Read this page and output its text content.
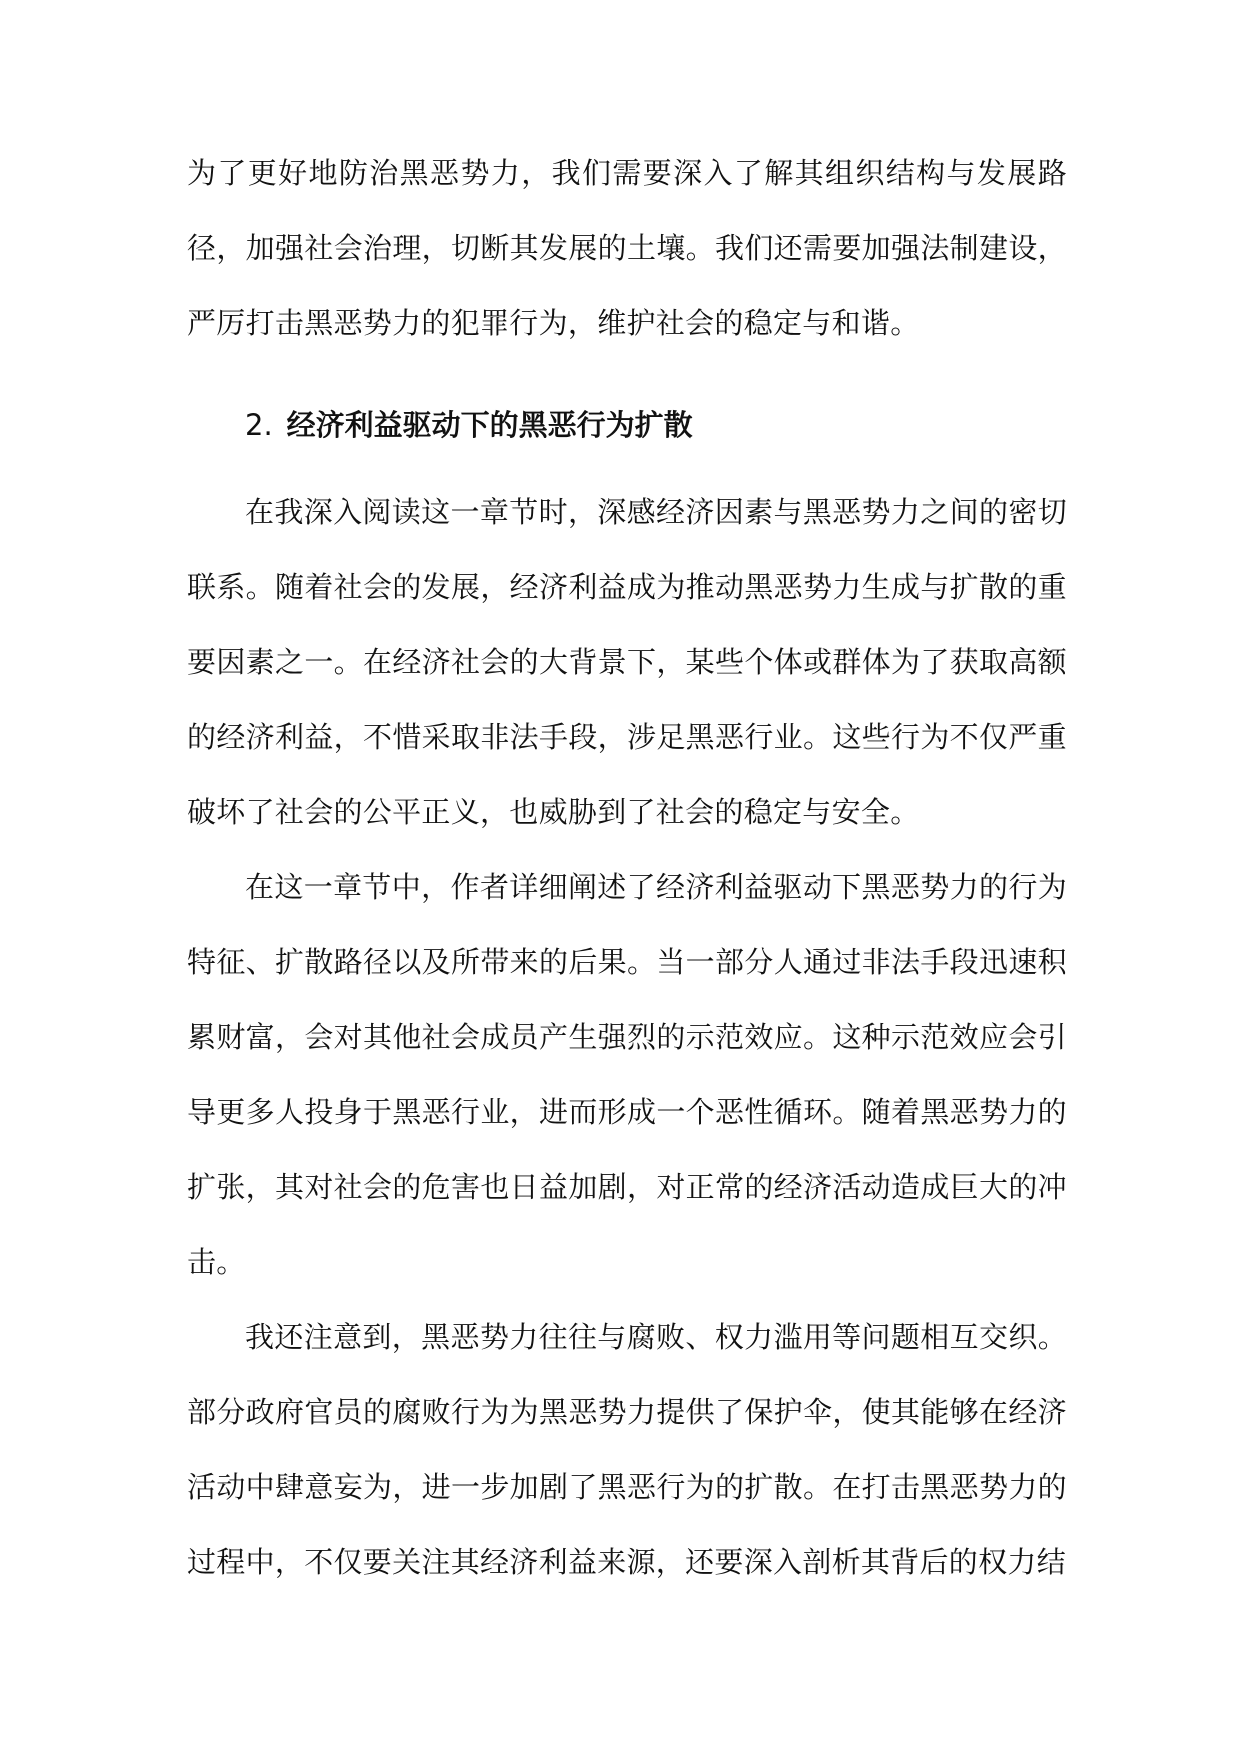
为了更好地防治黑恶势力，我们需要深入了解其组织结构与发展路径，加强社会治理，切断其发展的土壤。我们还需要加强法制建设，严厉打击黑恶势力的犯罪行为，维护社会的稳定与和谐。

2. 经济利益驱动下的黑恶行为扩散

在我深入阅读这一章节时，深感经济因素与黑恶势力之间的密切联系。随着社会的发展，经济利益成为推动黑恶势力生成与扩散的重要因素之一。在经济社会的大背景下，某些个体或群体为了获取高额的经济利益，不惜采取非法手段，涉足黑恶行业。这些行为不仅严重破坏了社会的公平正义，也威胁到了社会的稳定与安全。

在这一章节中，作者详细阐述了经济利益驱动下黑恶势力的行为特征、扩散路径以及所带来的后果。当一部分人通过非法手段迅速积累财富，会对其他社会成员产生强烈的示范效应。这种示范效应会引导更多人投身于黑恶行业，进而形成一个恶性循环。随着黑恶势力的扩张，其对社会的危害也日益加剧，对正常的经济活动造成巨大的冲击。

我还注意到，黑恶势力往往与腐败、权力滥用等问题相互交织。部分政府官员的腐败行为为黑恶势力提供了保护伞，使其能够在经济活动中肆意妄为，进一步加剧了黑恶行为的扩散。在打击黑恶势力的过程中，不仅要关注其经济利益来源，还要深入剖析其背后的权力结
